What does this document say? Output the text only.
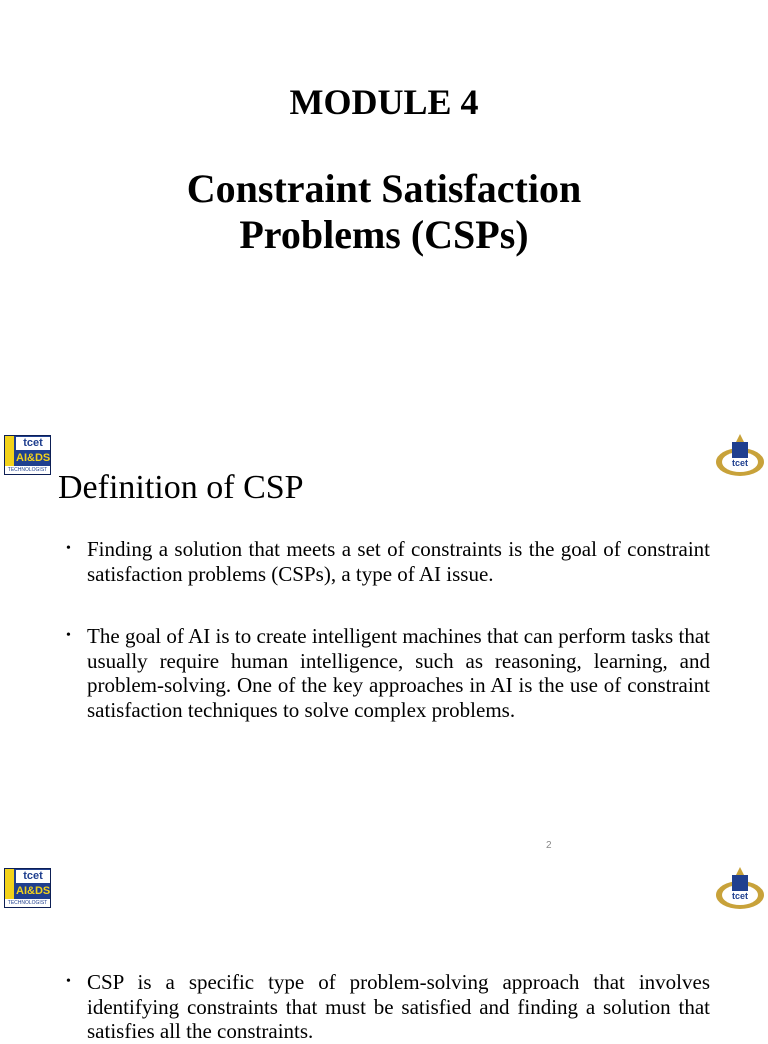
MODULE 4
Constraint Satisfaction
Problems (CSPs)
tcet
AI&DS
TECHNOLOGIST
tcet
Definition of CSP
• Finding a solution that meets a set of constraints is the goal of constraint satisfaction problems (CSPs), a type of AI issue.
• The goal of AI is to create intelligent machines that can perform tasks that usually require human intelligence, such as reasoning, learning, and problem-solving. One of the key approaches in AI is the use of constraint satisfaction techniques to solve complex problems.
2
tcet
AI&DS
TECHNOLOGIST
tcet
• CSP is a specific type of problem-solving approach that involves identifying constraints that must be satisfied and finding a solution that satisfies all the constraints.
